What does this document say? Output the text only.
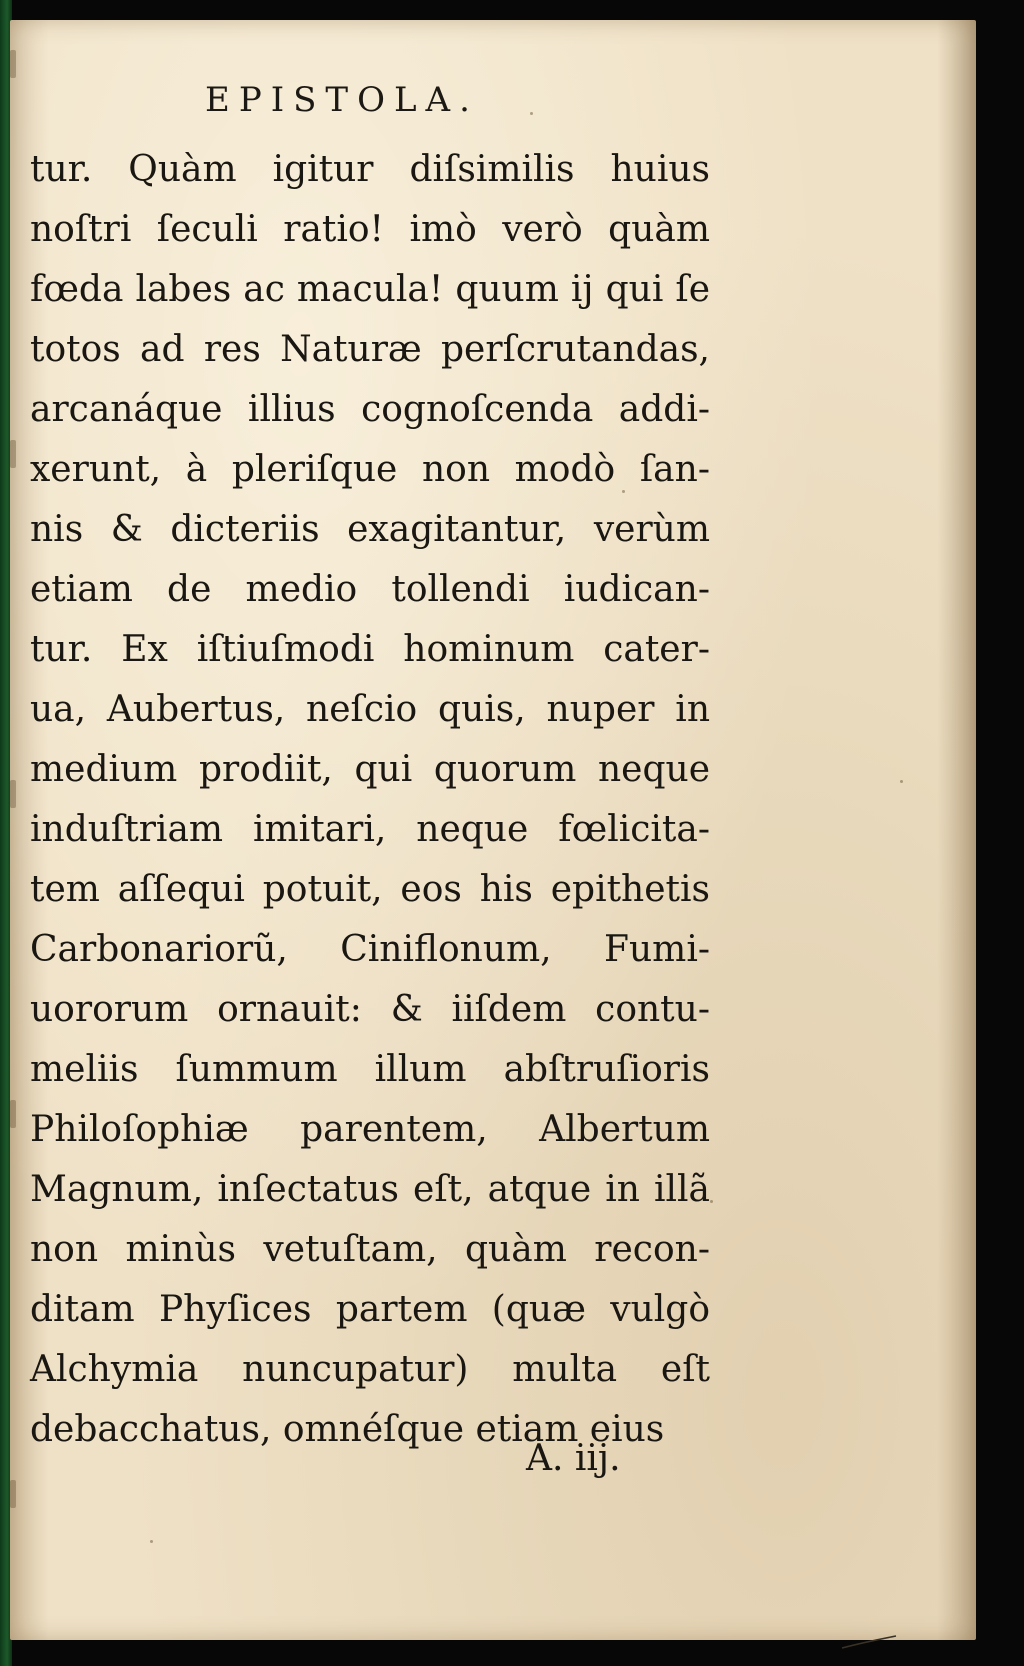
EPISTOLA.
tur. Quàm igitur diſsimilis huius
noſtri ſeculi ratio! imò verò quàm
fœda labes ac macula! quum ij qui ſe
totos ad res Naturæ perſcrutandas,
arcanáque illius cognoſcenda addi-
xerunt, à pleriſque non modò ſan-
nis & dicteriis exagitantur, verùm
etiam de medio tollendi iudican-
tur. Ex iſtiuſmodi hominum cater-
ua, Aubertus, neſcio quis, nuper in
medium prodiit, qui quorum neque
induſtriam imitari, neque fœlicita-
tem aſſequi potuit, eos his epithetis
Carbonariorũ, Ciniflonum, Fumi-
uororum ornauit: & iiſdem contu-
meliis ſummum illum abſtruſioris
Philoſophiæ parentem, Albertum
Magnum, inſectatus eſt, atque in illã
non minùs vetuſtam, quàm recon-
ditam Phyſices partem (quæ vulgò
Alchymia nuncupatur) multa eſt
debacchatus, omnéſque etiam eius
A. iij.
